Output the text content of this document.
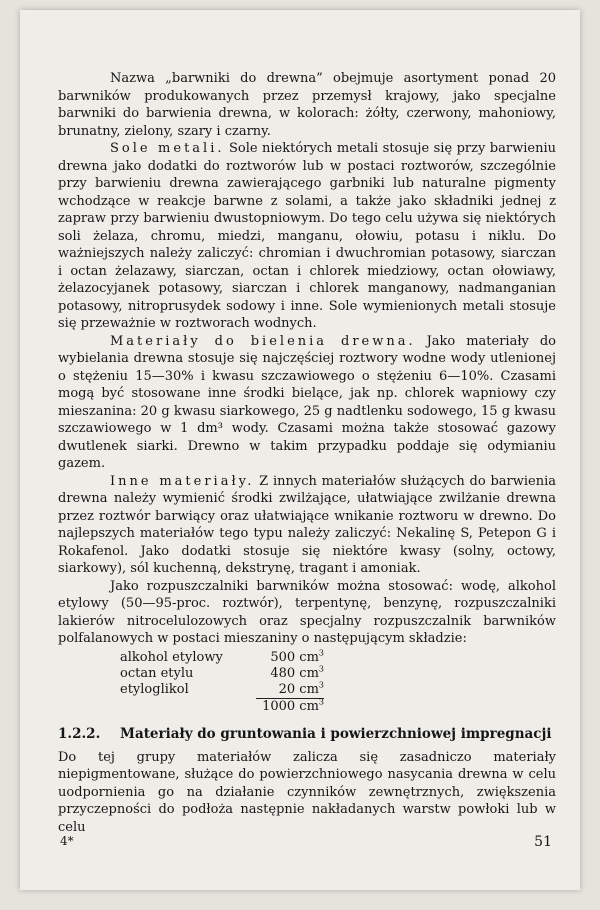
Nazwa „barwniki do drewna” obejmuje asortyment ponad 20 barwników produkowanych przez przemysł krajowy, jako specjalne barwniki do barwienia drewna, w kolorach: żółty, czerwony, mahoniowy, brunatny, zielony, szary i czarny.

Sole metali. Sole niektórych metali stosuje się przy barwieniu drewna jako dodatki do roztworów lub w postaci roztworów, szczególnie przy barwieniu drewna zawierającego garbniki lub naturalne pigmenty wchodzące w reakcje barwne z solami, a także jako składniki jednej z zapraw przy barwieniu dwustopniowym. Do tego celu używa się niektórych soli żelaza, chromu, miedzi, manganu, ołowiu, potasu i niklu. Do ważniejszych należy zaliczyć: chromian i dwuchromian potasowy, siarczan i octan żelazawy, siarczan, octan i chlorek miedziowy, octan ołowiawy, żelazocyjanek potasowy, siarczan i chlorek manganowy, nadmanganian potasowy, nitroprusydek sodowy i inne. Sole wymienionych metali stosuje się przeważnie w roztworach wodnych.

Materiały do bielenia drewna. Jako materiały do wybielania drewna stosuje się najczęściej roztwory wodne wody utlenionej o stężeniu 15—30% i kwasu szczawiowego o stężeniu 6—10%. Czasami mogą być stosowane inne środki bielące, jak np. chlorek wapniowy czy mieszanina: 20 g kwasu siarkowego, 25 g nadtlenku sodowego, 15 g kwasu szczawiowego w 1 dm³ wody. Czasami można także stosować gazowy dwutlenek siarki. Drewno w takim przypadku poddaje się odymianiu gazem.

Inne materiały. Z innych materiałów służących do barwienia drewna należy wymienić środki zwilżające, ułatwiające zwilżanie drewna przez roztwór barwiący oraz ułatwiające wnikanie roztworu w drewno. Do najlepszych materiałów tego typu należy zaliczyć: Nekalinę S, Petepon G i Rokafenol. Jako dodatki stosuje się niektóre kwasy (solny, octowy, siarkowy), sól kuchenną, dekstrynę, tragant i amoniak.

Jako rozpuszczalniki barwników można stosować: wodę, alkohol etylowy (50—95-proc. roztwór), terpentynę, benzynę, rozpuszczalniki lakierów nitrocelulozowych oraz specjalny rozpuszczalnik barwników polfalanowych w postaci mieszaniny o następującym składzie:

alkohol etylowy	500 $cm^3$
octan etylu	480 $cm^3$
etyloglikol	20 $cm^3$
	1000 $cm^3$
1.2.2.	Materiały do gruntowania i powierzchniowej impregnacji

Do tej grupy materiałów zalicza się zasadniczo materiały niepigmentowane, służące do powierzchniowego nasycania drewna w celu uodpornienia go na działanie czynników zewnętrznych, zwiększenia przyczepności do podłoża następnie nakładanych warstw powłoki lub w celu

4*	51
